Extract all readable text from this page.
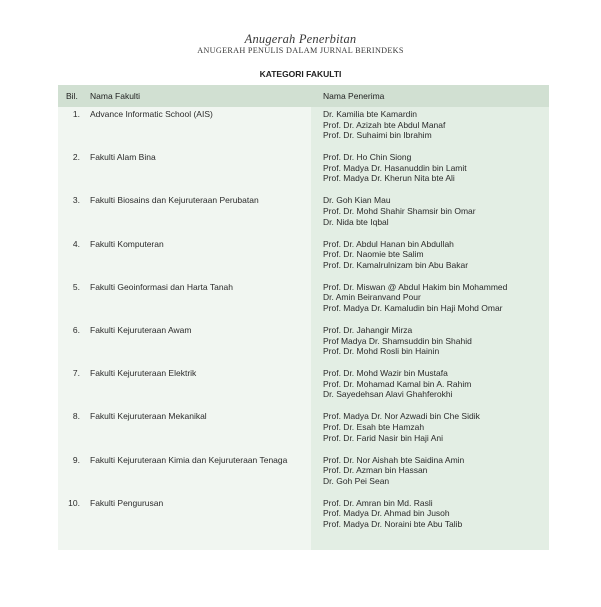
Anugerah Penerbitan
ANUGERAH PENULIS DALAM JURNAL BERINDEKS
KATEGORI FAKULTI
Bil. Nama Fakulti	Nama Penerima
1. Advance Informatic School (AIS)	Dr. Kamilia bte Kamardin
Prof. Dr. Azizah bte Abdul Manaf
Prof. Dr. Suhaimi bin Ibrahim
2. Fakulti Alam Bina	Prof. Dr. Ho Chin Siong
Prof. Madya Dr. Hasanuddin bin Lamit
Prof. Madya Dr. Kherun Nita bte Ali
3. Fakulti Biosains dan Kejuruteraan Perubatan	Dr. Goh Kian Mau
Prof. Dr. Mohd Shahir Shamsir bin Omar
Dr. Nida bte Iqbal
4. Fakulti Komputeran	Prof. Dr. Abdul Hanan bin Abdullah
Prof. Dr. Naomie bte Salim
Prof. Dr. Kamalrulnizam bin Abu Bakar
5. Fakulti Geoinformasi dan Harta Tanah	Prof. Dr. Miswan @ Abdul Hakim bin Mohammed
Dr. Amin Beiranvand Pour
Prof. Madya Dr. Kamaludin bin Haji Mohd Omar
6. Fakulti Kejuruteraan Awam	Prof. Dr. Jahangir Mirza
Prof Madya Dr. Shamsuddin bin Shahid
Prof. Dr. Mohd Rosli bin Hainin
7. Fakulti Kejuruteraan Elektrik	Prof. Dr. Mohd Wazir bin Mustafa
Prof. Dr. Mohamad Kamal bin A. Rahim
Dr. Sayedehsan Alavi Ghahferokhi
8. Fakulti Kejuruteraan Mekanikal	Prof. Madya Dr. Nor Azwadi bin Che Sidik
Prof. Dr. Esah bte Hamzah
Prof. Dr. Farid Nasir bin Haji Ani
9. Fakulti Kejuruteraan Kimia dan Kejuruteraan Tenaga	Prof. Dr. Nor Aishah bte Saidina Amin
Prof. Dr. Azman bin Hassan
Dr. Goh Pei Sean
10. Fakulti Pengurusan	Prof. Dr. Amran bin Md. Rasli
Prof. Madya Dr. Ahmad bin Jusoh
Prof. Madya Dr. Noraini bte Abu Talib
